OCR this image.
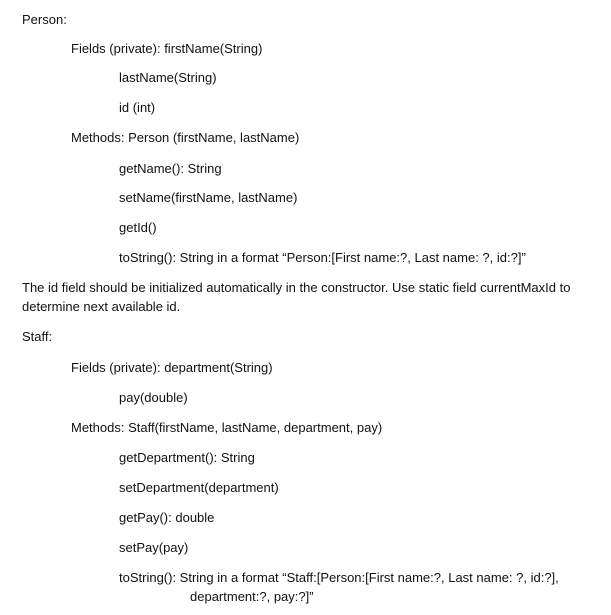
Person:
Fields (private): firstName(String)
lastName(String)
id (int)
Methods: Person (firstName, lastName)
getName(): String
setName(firstName, lastName)
getId()
toString(): String in a format “Person:[First name:?, Last name: ?, id:?]”
The id field should be initialized automatically in the constructor. Use static field currentMaxId to
determine next available id.
Staff:
Fields (private): department(String)
pay(double)
Methods: Staff(firstName, lastName, department, pay)
getDepartment(): String
setDepartment(department)
getPay(): double
setPay(pay)
toString(): String in a format “Staff:[Person:[First name:?, Last name: ?, id:?],
department:?, pay:?]”
